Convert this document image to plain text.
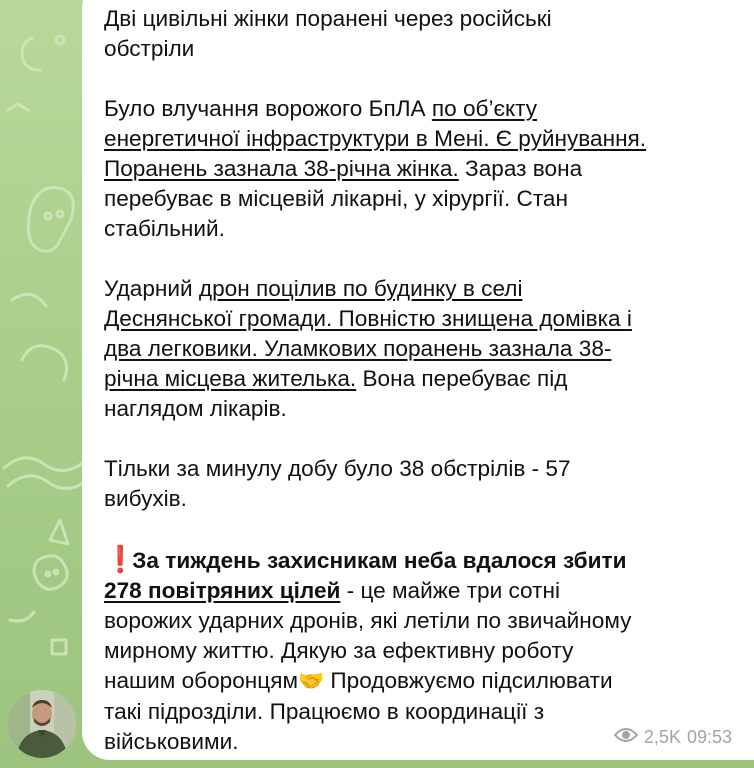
Дві цивільні жінки поранені через російські
обстріли

Було влучання ворожого БпЛА по об’єкту
енергетичної інфраструктури в Мені. Є руйнування.
Поранень зазнала 38-річна жінка. Зараз вона
перебуває в місцевій лікарні, у хірургії. Стан
стабільний.

Ударний дрон поцілив по будинку в селі
Деснянської громади. Повністю знищена домівка і
два легковики. Уламкових поранень зазнала 38-
річна місцева жителька. Вона перебуває під
наглядом лікарів.

Тільки за минулу добу було 38 обстрілів - 57
вибухів.

❗ За тиждень захисникам неба вдалося збити
278 повітряних цілей - це майже три сотні
ворожих ударних дронів, які летіли по звичайному
мирному життю. Дякую за ефективну роботу
нашим оборонцям🤝 Продовжуємо підсилювати
такі підрозділи. Працюємо в координації з
військовими.	2,5K 09:53
